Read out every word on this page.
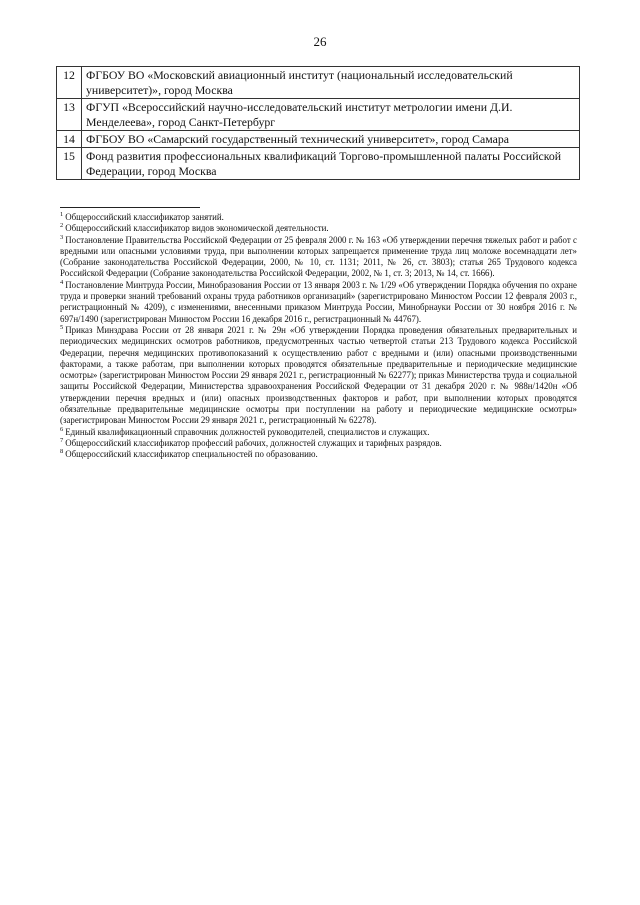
26
12	ФГБОУ ВО «Московский авиационный институт (национальный исследовательский университет)», город Москва
13	ФГУП «Всероссийский научно-исследовательский институт метрологии имени Д.И. Менделеева», город Санкт-Петербург
14	ФГБОУ ВО «Самарский государственный технический университет», город Самара
15	Фонд развития профессиональных квалификаций Торгово-промышленной палаты Российской Федерации, город Москва

$^1$ Общероссийский классификатор занятий.

$^2$ Общероссийский классификатор видов экономической деятельности.

$^3$ Постановление Правительства Российской Федерации от 25 февраля 2000 г. № 163 «Об утверждении перечня тяжелых работ и работ с вредными или опасными условиями труда, при выполнении которых запрещается применение труда лиц моложе восемнадцати лет» (Собрание законодательства Российской Федерации, 2000, № 10, ст. 1131; 2011, № 26, ст. 3803); статья 265 Трудового кодекса Российской Федерации (Собрание законодательства Российской Федерации, 2002, № 1, ст. 3; 2013, № 14, ст. 1666).

$^4$ Постановление Минтруда России, Минобразования России от 13 января 2003 г. № 1/29 «Об утверждении Порядка обучения по охране труда и проверки знаний требований охраны труда работников организаций» (зарегистрировано Минюстом России 12 февраля 2003 г., регистрационный № 4209), с изменениями, внесенными приказом Минтруда России, Минобрнауки России от 30 ноября 2016 г. № 697н/1490 (зарегистрирован Минюстом России 16 декабря 2016 г., регистрационный № 44767).

$^5$ Приказ Минздрава России от 28 января 2021 г. № 29н «Об утверждении Порядка проведения обязательных предварительных и периодических медицинских осмотров работников, предусмотренных частью четвертой статьи 213 Трудового кодекса Российской Федерации, перечня медицинских противопоказаний к осуществлению работ с вредными и (или) опасными производственными факторами, а также работам, при выполнении которых проводятся обязательные предварительные и периодические медицинские осмотры» (зарегистрирован Минюстом России 29 января 2021 г., регистрационный № 62277); приказ Министерства труда и социальной защиты Российской Федерации, Министерства здравоохранения Российской Федерации от 31 декабря 2020 г. № 988н/1420н «Об утверждении перечня вредных и (или) опасных производственных факторов и работ, при выполнении которых проводятся обязательные предварительные медицинские осмотры при поступлении на работу и периодические медицинские осмотры» (зарегистрирован Минюстом России 29 января 2021 г., регистрационный № 62278).

$^6$ Единый квалификационный справочник должностей руководителей, специалистов и служащих.

$^7$ Общероссийский классификатор профессий рабочих, должностей служащих и тарифных разрядов.

$^8$ Общероссийский классификатор специальностей по образованию.
